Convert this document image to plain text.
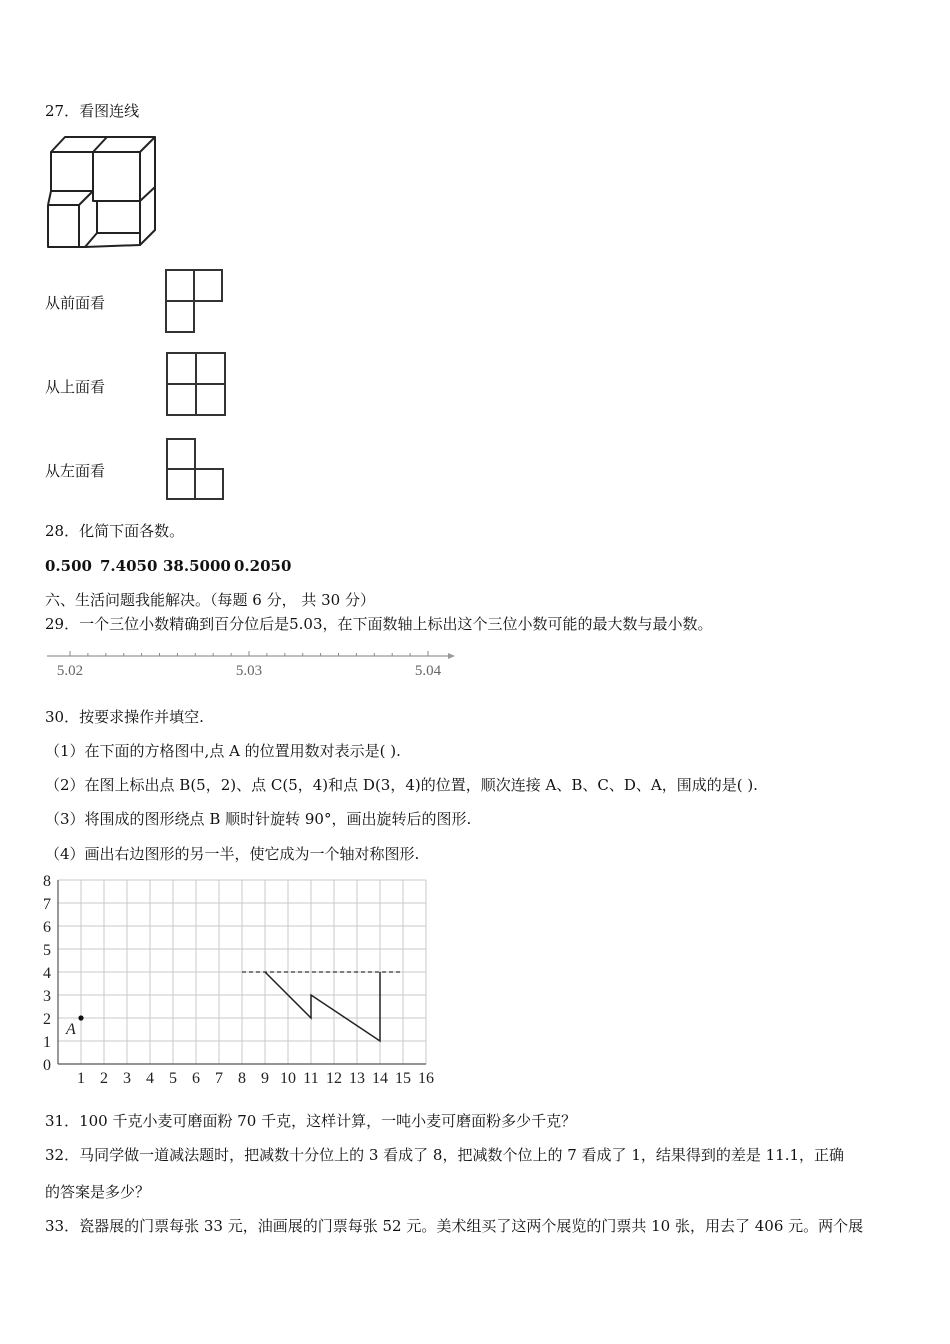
27．看图连线
从前面看
从上面看
从左面看
28．化简下面各数。
0.500 7.4050 38.5000 0.2050
六、生活问题我能解决。（每题 6 分， 共 30 分）
29．一个三位小数精确到百分位后是5.03，在下面数轴上标出这个三位小数可能的最大数与最小数。
5.02	5.03	5.04
30．按要求操作并填空.
（1）在下面的方格图中,点 A 的位置用数对表示是( ).
（2）在图上标出点 B(5，2)、点 C(5，4)和点 D(3，4)的位置，顺次连接 A、B、C、D、A，围成的是( ).
（3）将围成的图形绕点 B 顺时针旋转 90°，画出旋转后的图形.
（4）画出右边图形的另一半，使它成为一个轴对称图形.
1 2 3 4 5 6 7 8 9 10 11 12 13 14 15 16
0
1
2
3
4
5
6
7
8
A
31．100 千克小麦可磨面粉 70 千克，这样计算，一吨小麦可磨面粉多少千克？
32．马同学做一道减法题时，把减数十分位上的 3 看成了 8，把减数个位上的 7 看成了 1，结果得到的差是 11.1，正确
的答案是多少？
33．瓷器展的门票每张 33 元，油画展的门票每张 52 元。美术组买了这两个展览的门票共 10 张，用去了 406 元。两个展
